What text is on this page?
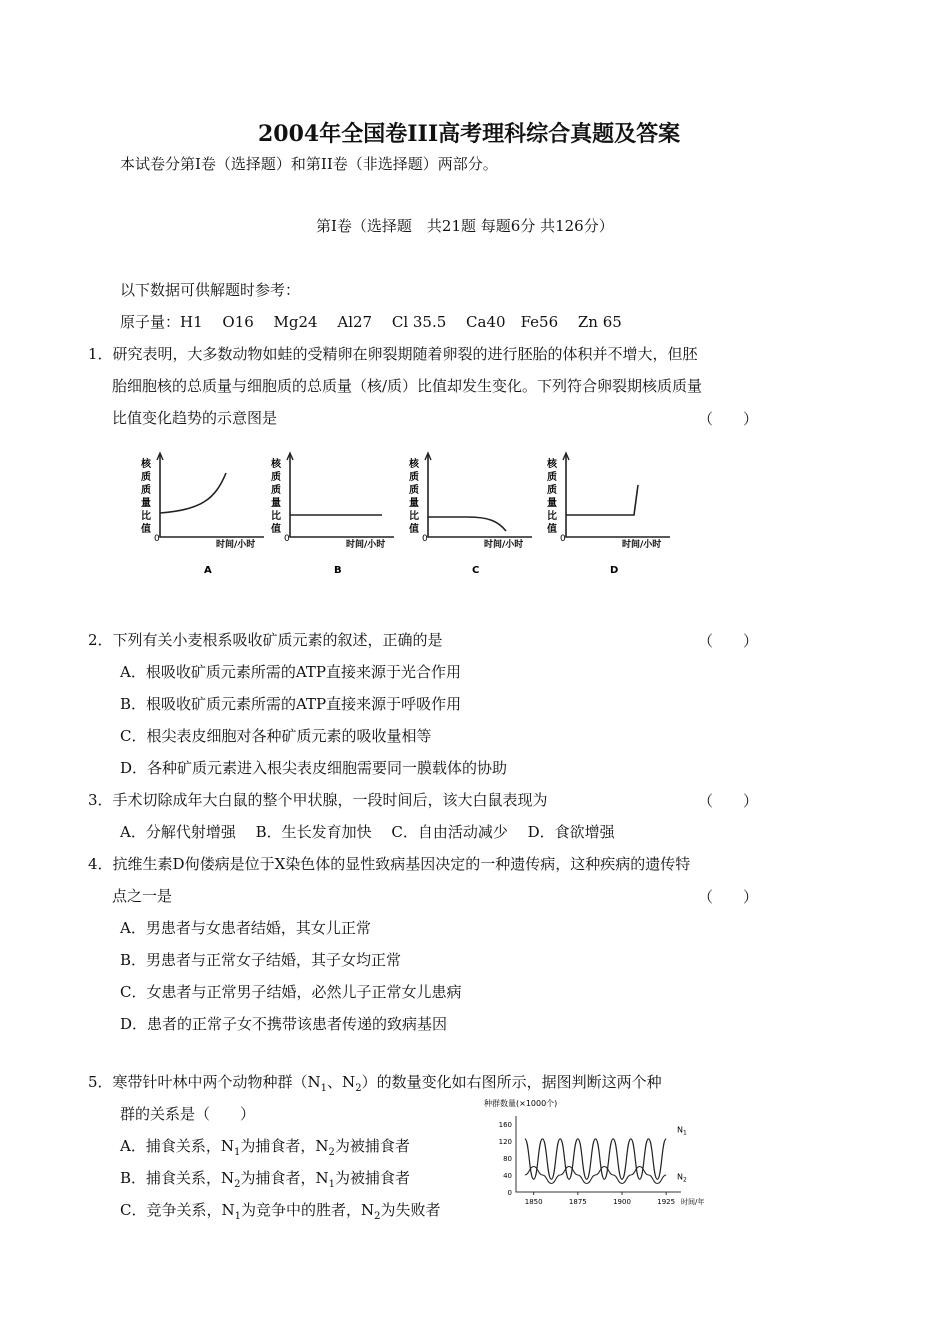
2004年全国卷III高考理科综合真题及答案
本试卷分第I卷（选择题）和第II卷（非选择题）两部分。
第I卷（选择题　共21题 每题6分 共126分）
以下数据可供解题时参考：
原子量：H1　 O16　 Mg24　 Al27　 Cl 35.5　 Ca40　Fe56　 Zn 65
1．研究表明，大多数动物如蛙的受精卵在卵裂期随着卵裂的进行胚胎的体积并不增大，但胚
胎细胞核的总质量与细胞质的总质量（核/质）比值却发生变化。下列符合卵裂期核质质量
比值变化趋势的示意图是	（　　）
核
质
质
量
比
值
0
时间/小时
A
核
质
质
量
比
值
0
时间/小时
B
核
质
质
量
比
值
0
时间/小时
C
核
质
质
量
比
值
0
时间/小时
D
2．下列有关小麦根系吸收矿质元素的叙述，正确的是	（　　）
A．根吸收矿质元素所需的ATP直接来源于光合作用
B．根吸收矿质元素所需的ATP直接来源于呼吸作用
C．根尖表皮细胞对各种矿质元素的吸收量相等
D．各种矿质元素进入根尖表皮细胞需要同一膜载体的协助
3．手术切除成年大白鼠的整个甲状腺，一段时间后，该大白鼠表现为	（　　）
A．分解代射增强　 B．生长发育加快　 C．自由活动减少　 D．食欲增强
4．抗维生素D佝偻病是位于X染色体的显性致病基因决定的一种遗传病，这种疾病的遗传特
点之一是	（　　）
A．男患者与女患者结婚，其女儿正常
B．男患者与正常女子结婚，其子女均正常
C．女患者与正常男子结婚，必然儿子正常女儿患病
D．患者的正常子女不携带该患者传递的致病基因
5．寒带针叶林中两个动物种群（$N_1$、$N_2$）的数量变化如右图所示，据图判断这两个种
群的关系是（　　）
A．捕食关系，$N_1$为捕食者，$N_2$为被捕食者
B．捕食关系，$N_2$为捕食者，$N_1$为被捕食者
C．竞争关系，$N_1$为竞争中的胜者，$N_2$为失败者
种群数量(×1000个)
160
120
80
40
0
1850	1875	1900	1925 时间/年
$N_1$
$N_2$
